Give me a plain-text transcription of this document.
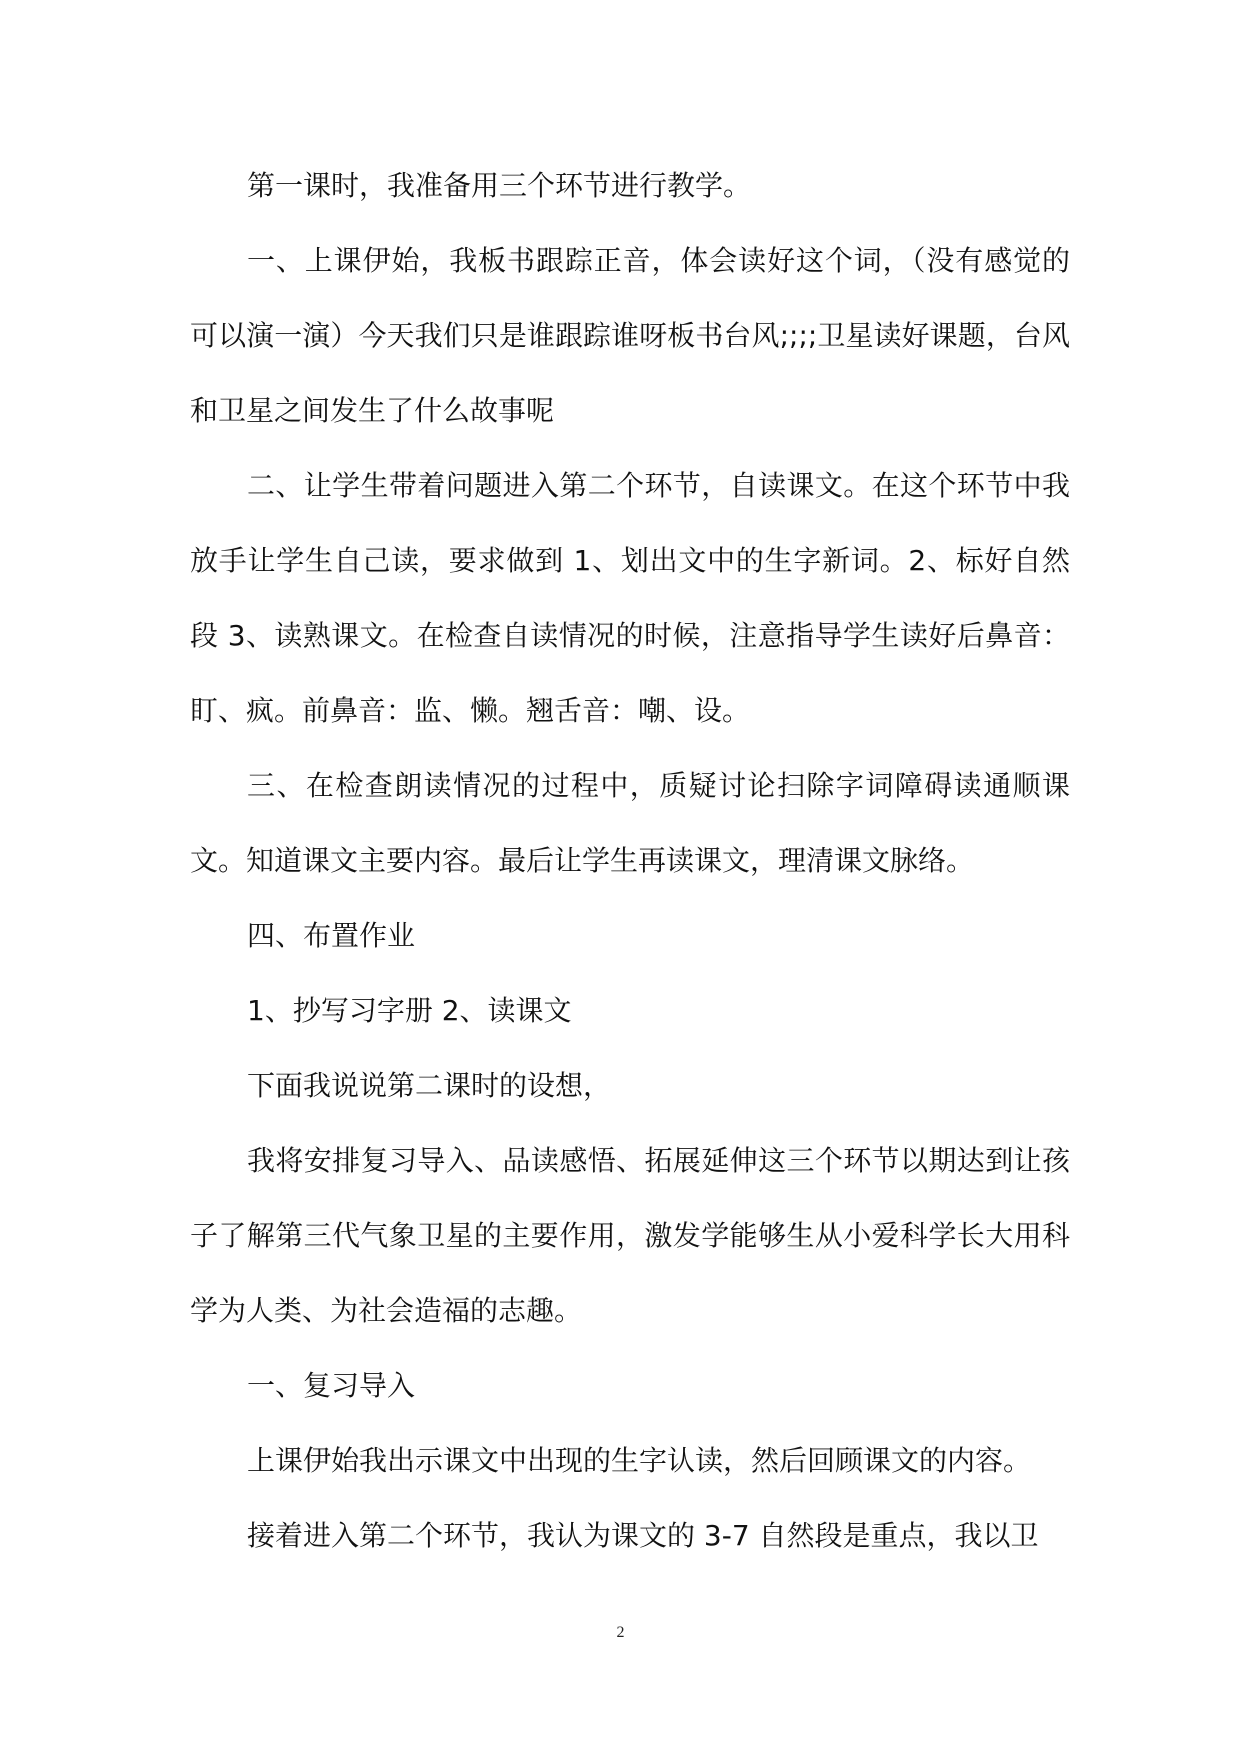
第一课时，我准备用三个环节进行教学。

一、上课伊始，我板书跟踪正音，体会读好这个词，（没有感觉的可以演一演）今天我们只是谁跟踪谁呀板书台风;;;;卫星读好课题，台风和卫星之间发生了什么故事呢

二、让学生带着问题进入第二个环节，自读课文。在这个环节中我放手让学生自己读，要求做到 1、划出文中的生字新词。2、标好自然段 3、读熟课文。在检查自读情况的时候，注意指导学生读好后鼻音：盯、疯。前鼻音：监、懒。翘舌音：嘲、设。

三、在检查朗读情况的过程中，质疑讨论扫除字词障碍读通顺课文。知道课文主要内容。最后让学生再读课文，理清课文脉络。

四、布置作业

1、抄写习字册 2、读课文

下面我说说第二课时的设想，

我将安排复习导入、品读感悟、拓展延伸这三个环节以期达到让孩子了解第三代气象卫星的主要作用，激发学能够生从小爱科学长大用科学为人类、为社会造福的志趣。

一、复习导入

上课伊始我出示课文中出现的生字认读，然后回顾课文的内容。

接着进入第二个环节，我认为课文的 3-7 自然段是重点，我以卫

2
